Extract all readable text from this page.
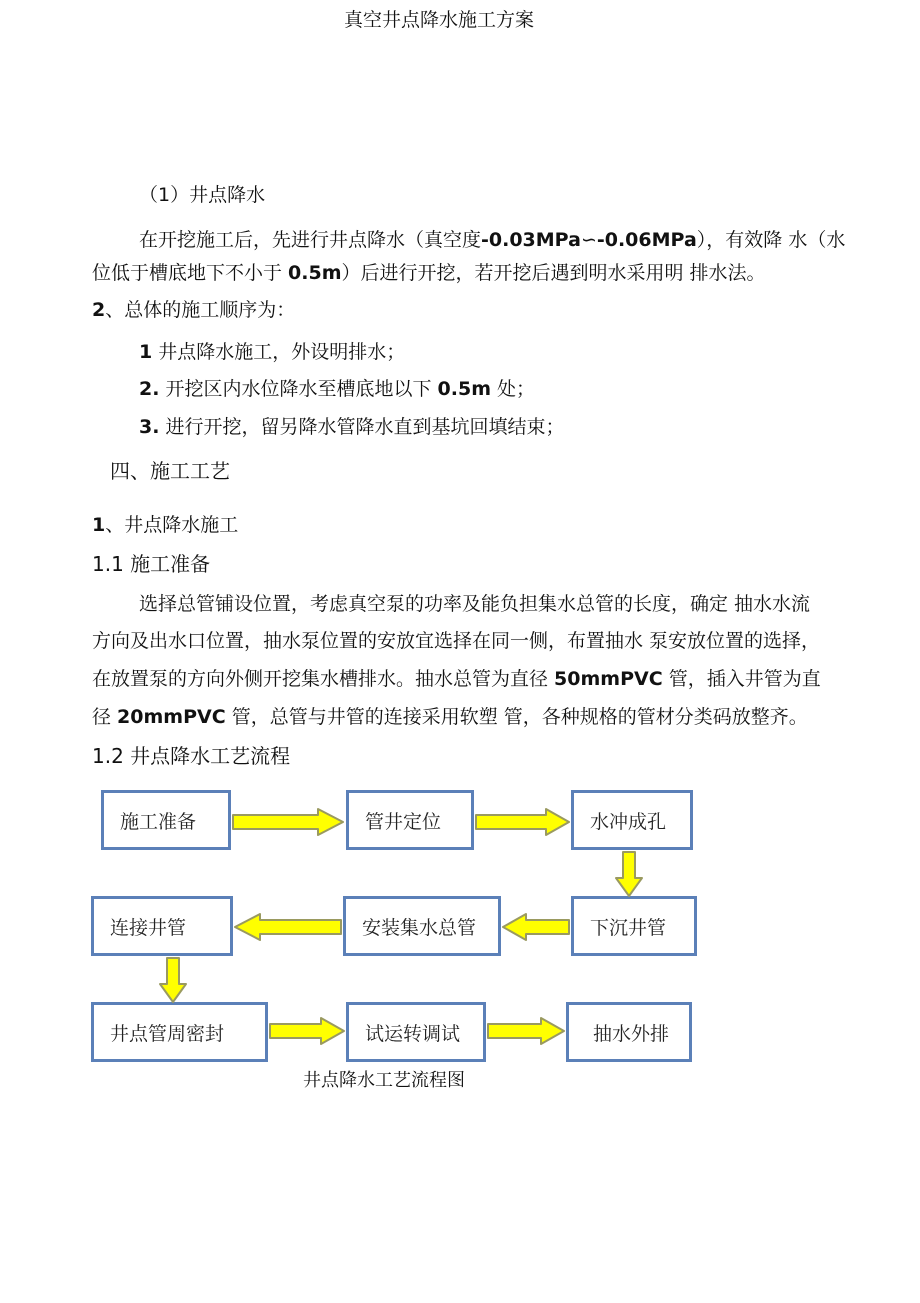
真空井点降水施工方案
（1）井点降水
在开挖施工后，先进行井点降水（真空度-0.03MPa∽-0.06MPa），有效降 水（水
位低于槽底地下不小于 0.5m）后进行开挖，若开挖后遇到明水采用明 排水法。
2、总体的施工顺序为：
1 井点降水施工，外设明排水；
2. 开挖区内水位降水至槽底地以下 0.5m 处；
3. 进行开挖，留另降水管降水直到基坑回填结束；
四、施工工艺
1、井点降水施工
1.1 施工准备
选择总管铺设位置，考虑真空泵的功率及能负担集水总管的长度，确定 抽水水流
方向及出水口位置，抽水泵位置的安放宜选择在同一侧，布置抽水 泵安放位置的选择，
在放置泵的方向外侧开挖集水槽排水。抽水总管为直径 50mmPVC 管，插入井管为直
径 20mmPVC 管，总管与井管的连接采用软塑 管，各种规格的管材分类码放整齐。
1.2 井点降水工艺流程
施工准备	管井定位	水冲成孔
下沉井管
安装集水总管
连接井管
井点管周密封	试运转调试	抽水外排
井点降水工艺流程图
